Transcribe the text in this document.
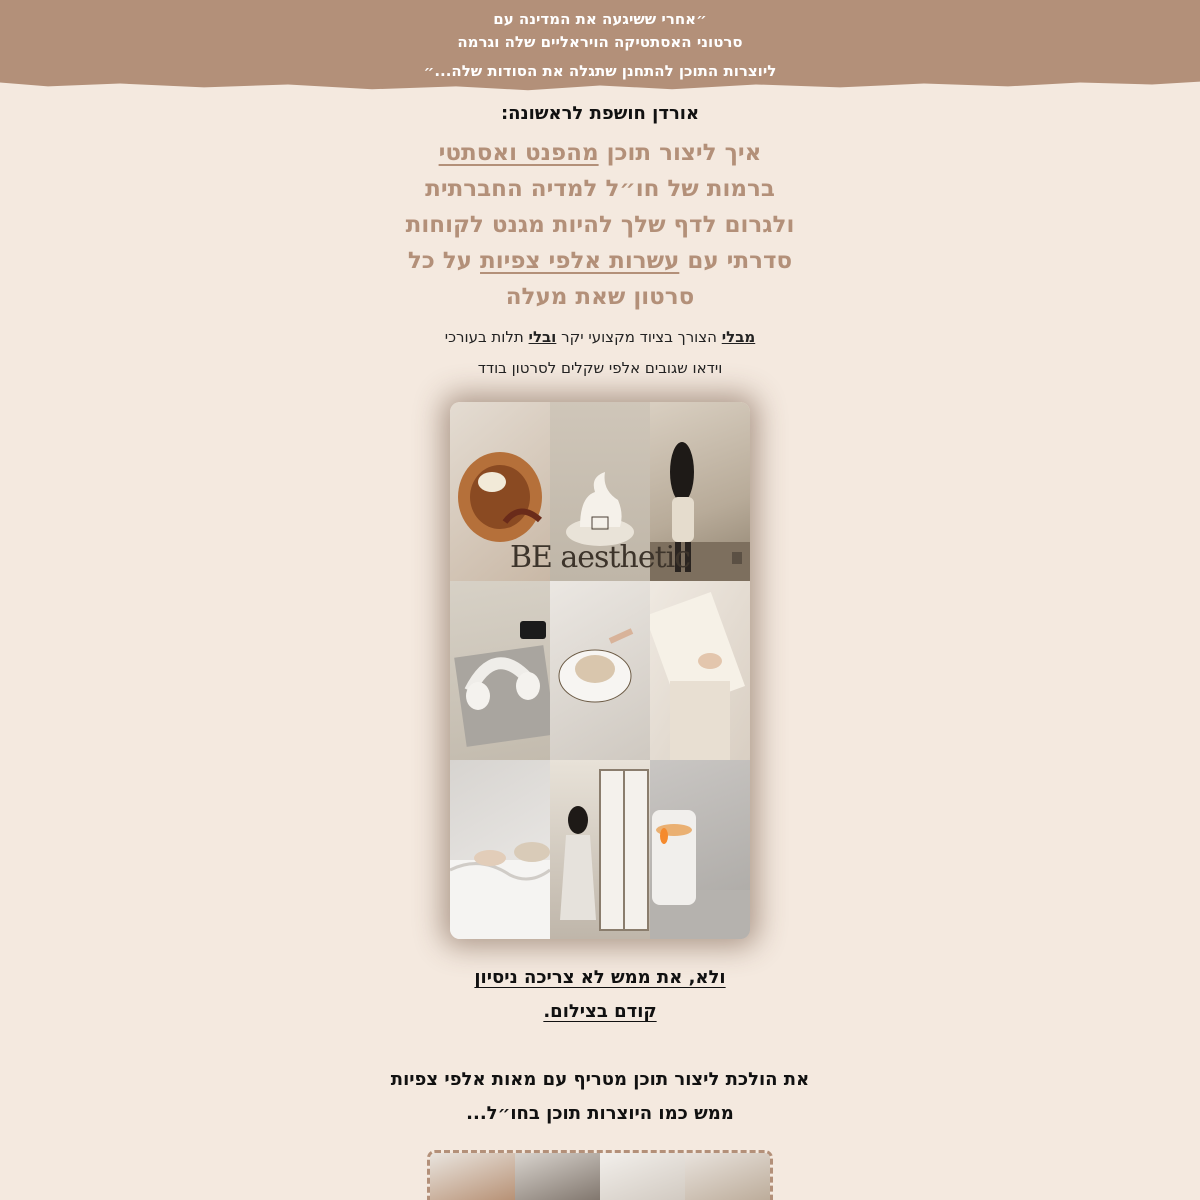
״אחרי ששיגעה את המדינה עם
סרטוני האסתטיקה הויראליים שלה וגרמה
ליוצרות התוכן להתחנן שתגלה את הסודות שלה...״
אורדן חושפת לראשונה:
איך ליצור תוכן מהפנט ואסתטי
ברמות של חו״ל למדיה החברתית
ולגרום לדף שלך להיות מגנט לקוחות
סדרתי עם עשרות אלפי צפיות על כל
סרטון שאת מעלה
מבלי הצורך בציוד מקצועי יקר ובלי תלות בעורכי
וידאו שגובים אלפי שקלים לסרטון בודד
BE aesthetic
ולא, את ממש לא צריכה ניסיון
קודם בצילום.
את הולכת ליצור תוכן מטריף עם מאות אלפי צפיות
ממש כמו היוצרות תוכן בחו״ל...
